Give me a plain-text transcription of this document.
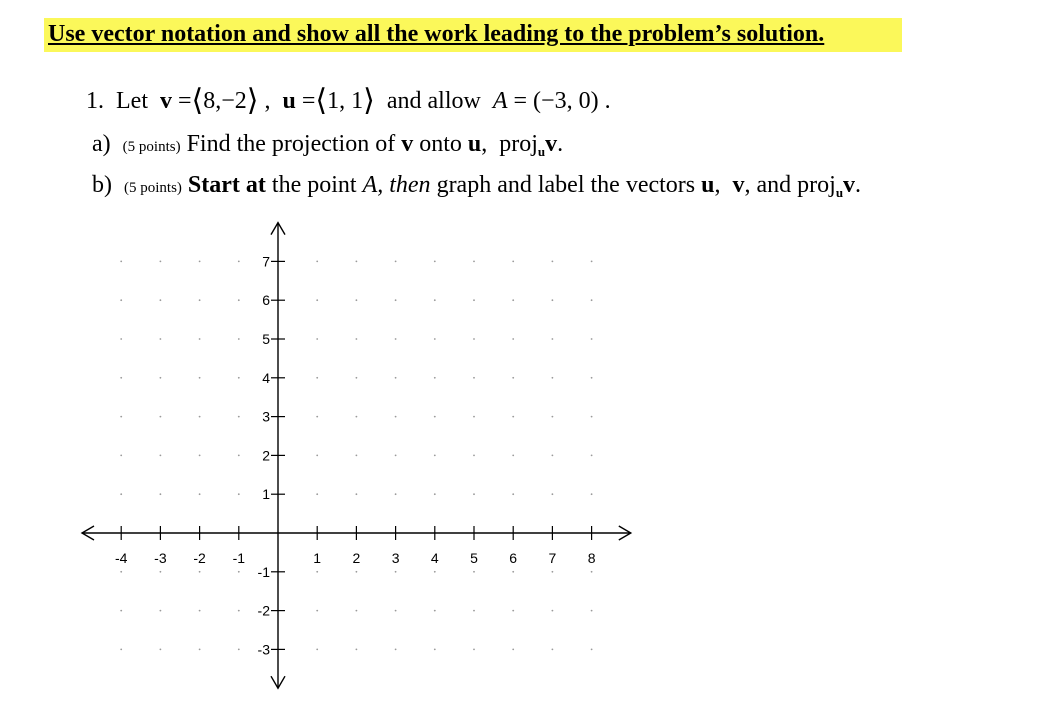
Use vector notation and show all the work leading to the problem’s solution.
1. Let v =⟨8,−2⟩ ,  u =⟨1, 1⟩ and allow A = (−3, 0) .
a) (5 points) Find the projection of v onto u,  proj$_u$v.
b) (5 points) Start at the point A, then graph and label the vectors u,  v, and proj$_u$v.
-4 -3 -2 -1	1 2 3 4 5 6 7 8
7
6
5
4
3
2
1
-1
-2
-3
